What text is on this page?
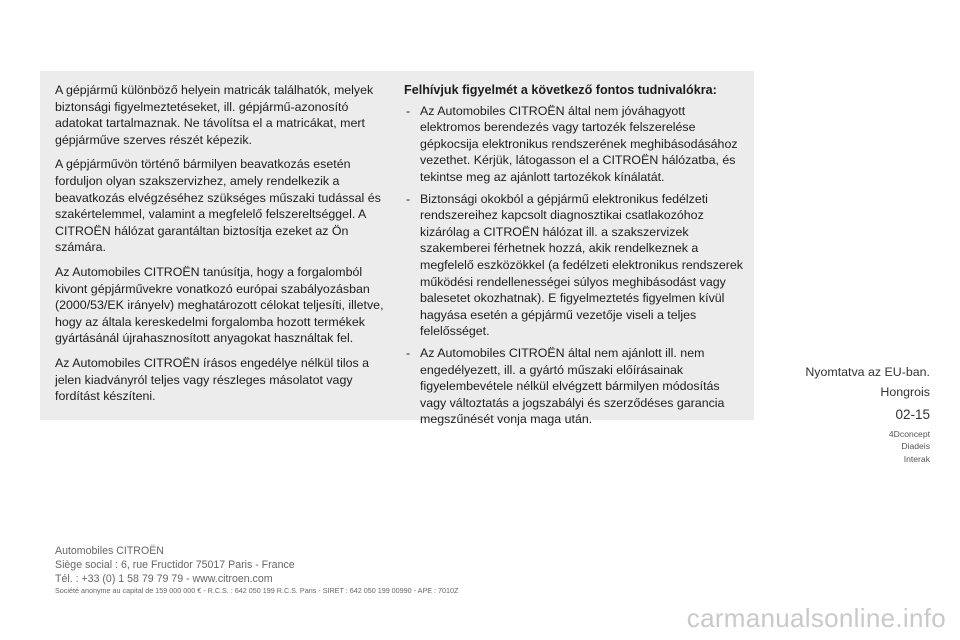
A gépjármű különböző helyein matricák találhatók, melyek biztonsági figyelmeztetéseket, ill. gépjármű-azonosító adatokat tartalmaznak. Ne távolítsa el a matricákat, mert gépjárműve szerves részét képezik.

A gépjárművön történő bármilyen beavatkozás esetén forduljon olyan szakszervizhez, amely rendelkezik a beavatkozás elvégzéséhez szükséges műszaki tudással és szakértelemmel, valamint a megfelelő felszereltséggel. A CITROËN hálózat garantáltan biztosítja ezeket az Ön számára.

Az Automobiles CITROËN tanúsítja, hogy a forgalomból kivont gépjárművekre vonatkozó európai szabályozásban (2000/53/EK irányelv) meghatározott célokat teljesíti, illetve, hogy az általa kereskedelmi forgalomba hozott termékek gyártásánál újrahasznosított anyagokat használtak fel.

Az Automobiles CITROËN írásos engedélye nélkül tilos a jelen kiadványról teljes vagy részleges másolatot vagy fordítást készíteni.

Felhívjuk figyelmét a következő fontos tudnivalókra:
- Az Automobiles CITROËN által nem jóváhagyott elektromos berendezés vagy tartozék felszerelése gépkocsija elektronikus rendszerének meghibásodásához vezethet. Kérjük, látogasson el a CITROËN hálózatba, és tekintse meg az ajánlott tartozékok kínálatát.
- Biztonsági okokból a gépjármű elektronikus fedélzeti rendszereihez kapcsolt diagnosztikai csatlakozóhoz kizárólag a CITROËN hálózat ill. a szakszervizek szakemberei férhetnek hozzá, akik rendelkeznek a megfelelő eszközökkel (a fedélzeti elektronikus rendszerek működési rendellenességei súlyos meghibásodást vagy balesetet okozhatnak). E figyelmeztetés figyelmen kívül hagyása esetén a gépjármű vezetője viseli a teljes felelősséget.
- Az Automobiles CITROËN által nem ajánlott ill. nem engedélyezett, ill. a gyártó műszaki előírásainak figyelembevétele nélkül elvégzett bármilyen módosítás vagy változtatás a jogszabályi és szerződéses garancia megszűnését vonja maga után.
Nyomtatva az EU-ban.
Hongrois
02-15
4Dconcept
Diadeis
Interak
Automobiles CITROËN
Siège social : 6, rue Fructidor 75017 Paris - France
Tél. : +33 (0) 1 58 79 79 79 - www.citroen.com
Société anonyme au capital de 159 000 000 € - R.C.S. : 642 050 199 R.C.S. Paris - SIRET : 642 050 199 00990 - APE : 7010Z
carmanualsonline.info
